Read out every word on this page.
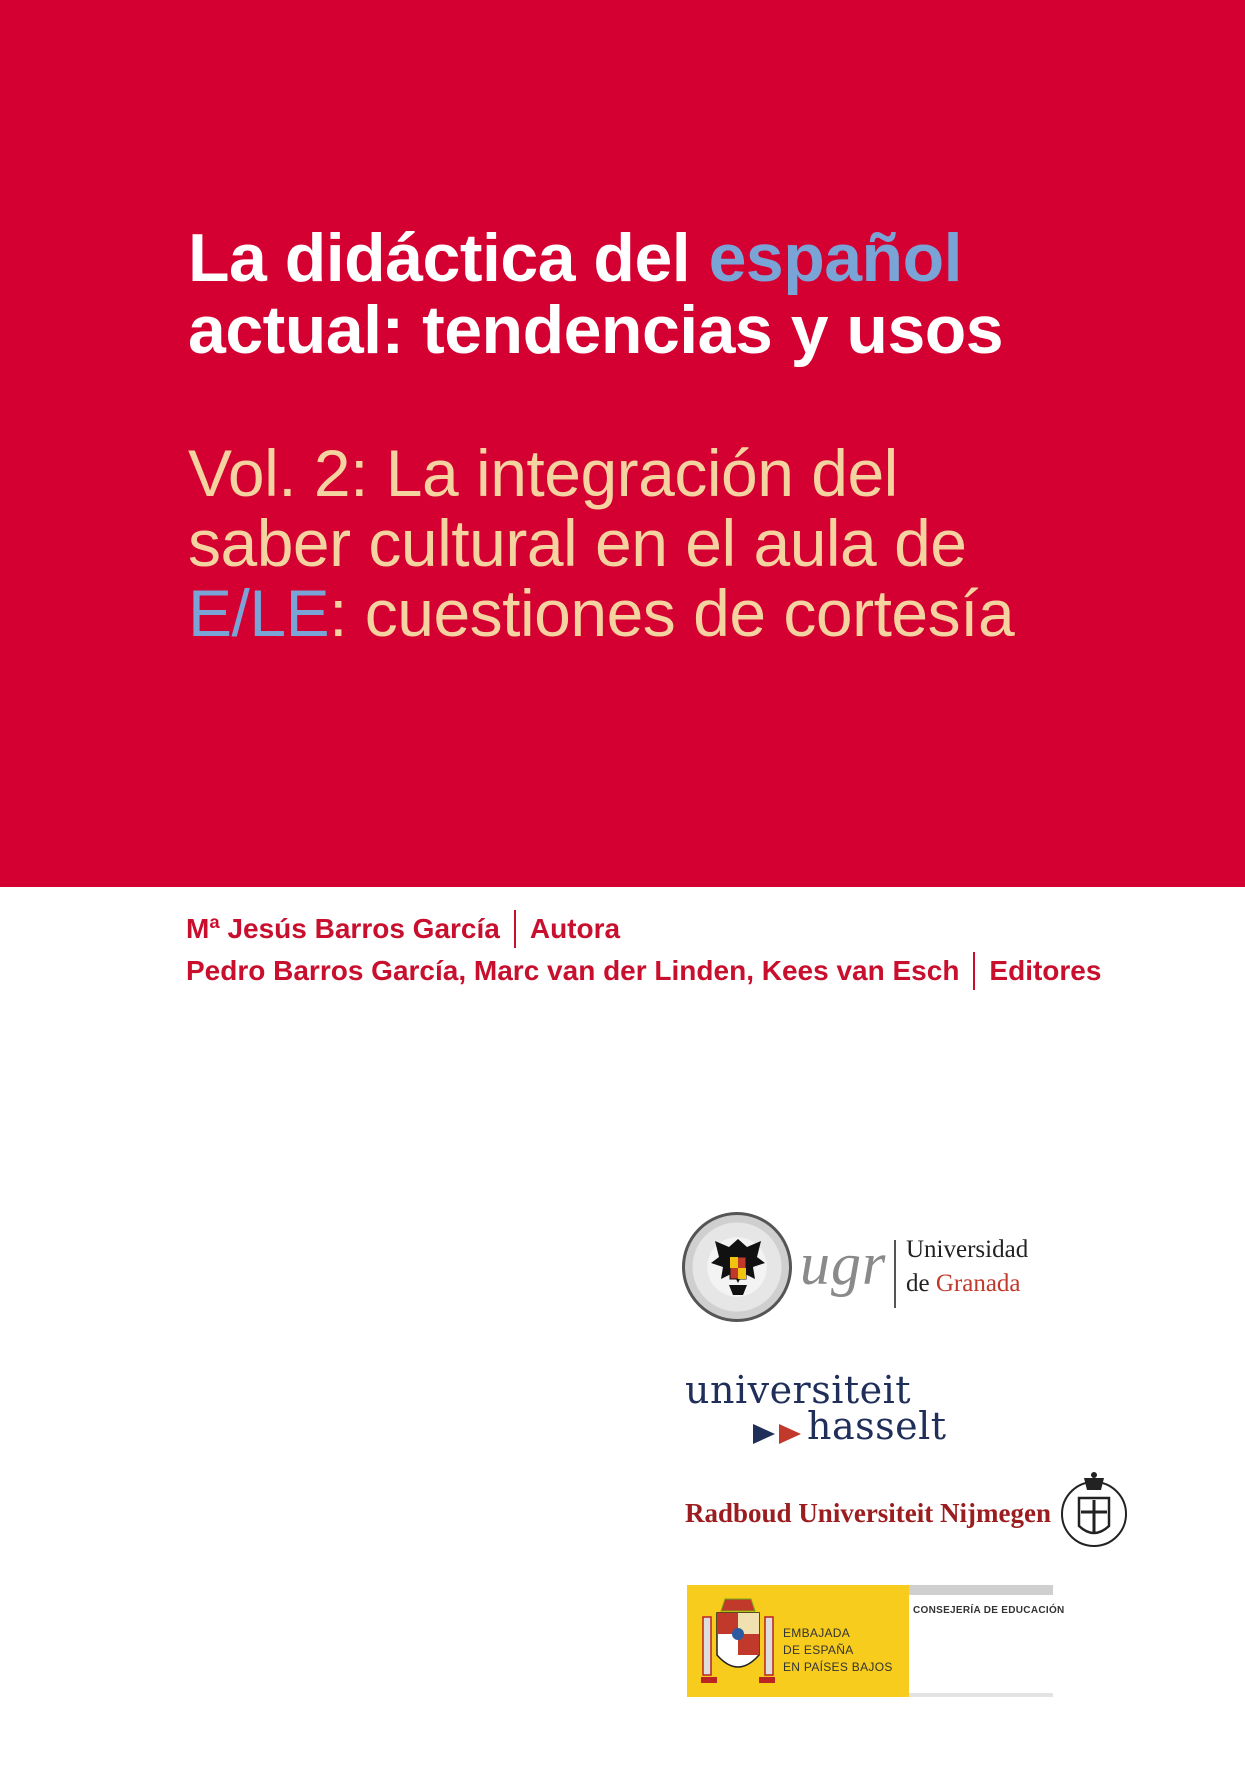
La didáctica del español
actual: tendencias y usos
Vol. 2: La integración del
saber cultural en el aula de
E/LE: cuestiones de cortesía
Mª Jesús Barros García Autora
Pedro Barros García, Marc van der Linden, Kees van Esch Editores
ugr Universidad
de Granada
universiteit
hasselt
Radboud Universiteit Nijmegen
CONSEJERÍA DE EDUCACIÓN
EMBAJADA
DE ESPAÑA
EN PAÍSES BAJOS
